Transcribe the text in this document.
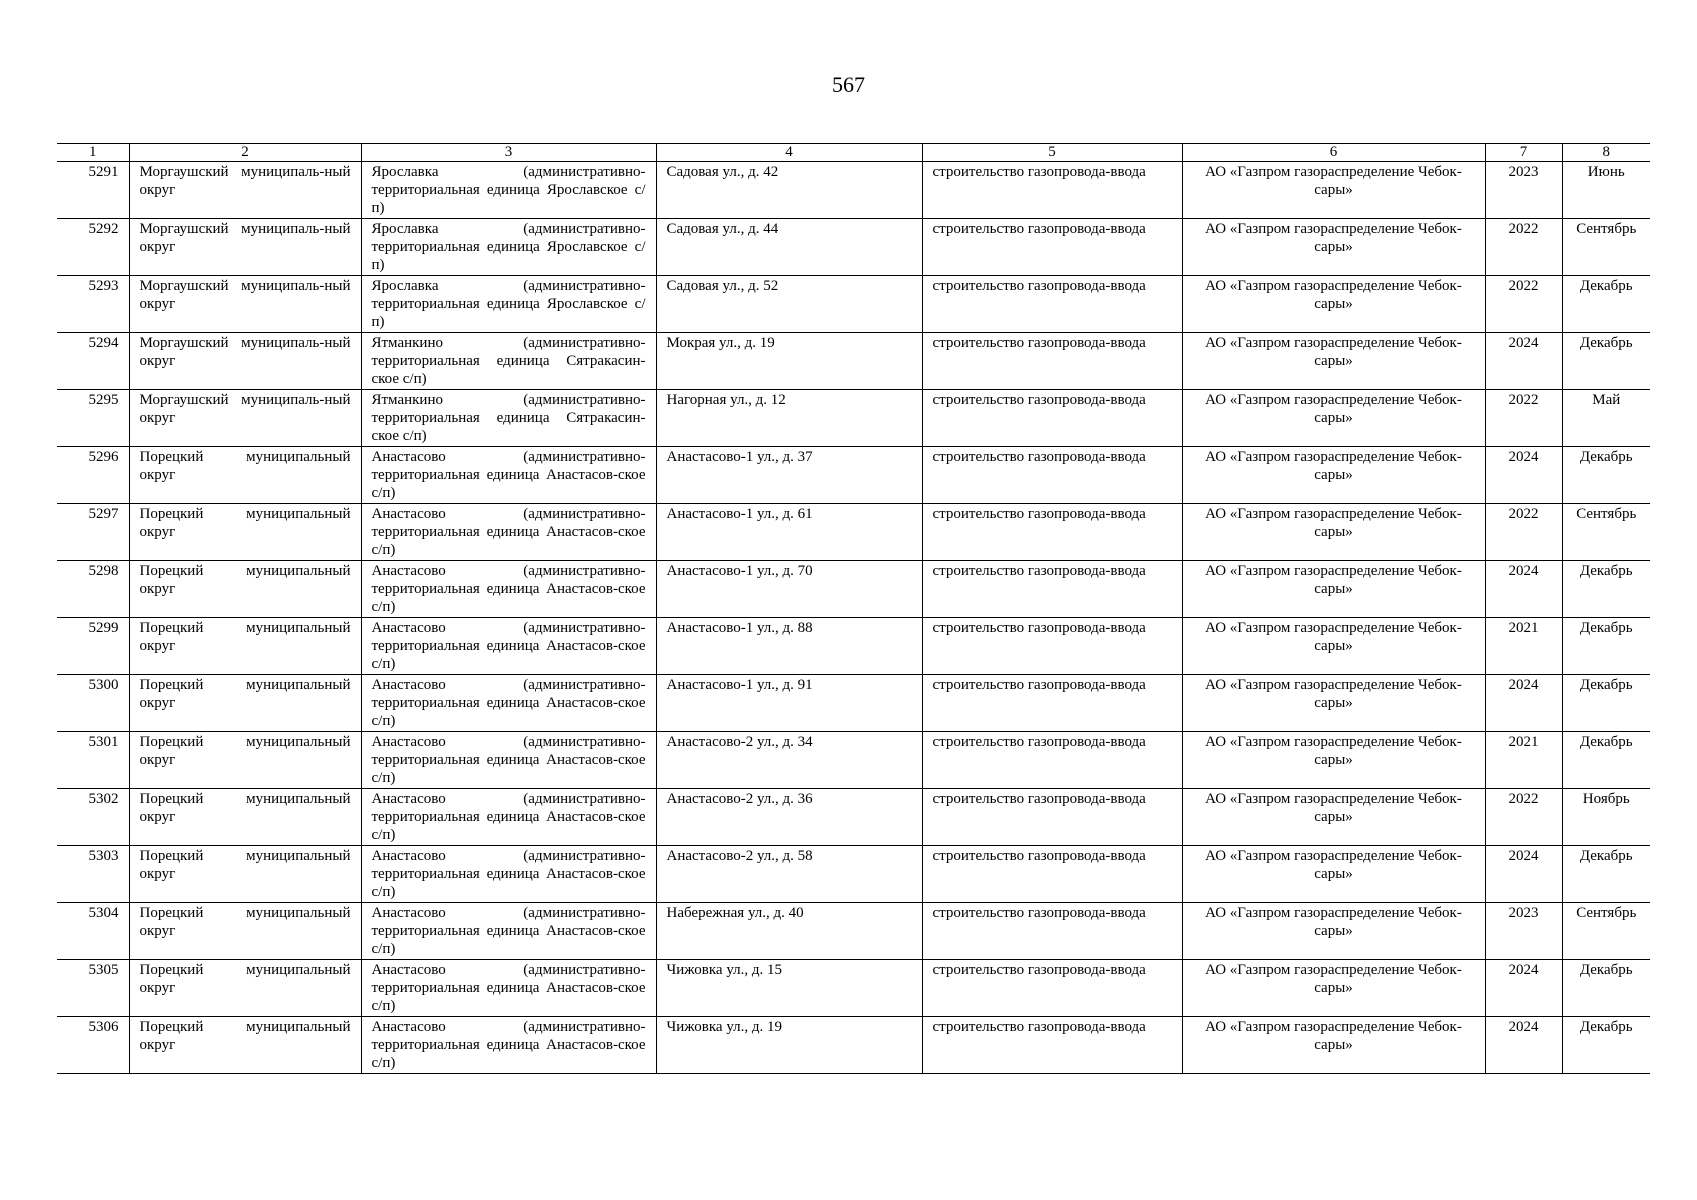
567
1	2	3	4	5	6	7	8
5291	Моргаушский муниципаль-ный округ	Ярославка (административно-территориальная единица Ярославское с/п)	Садовая ул., д. 42	строительство газопровода-ввода	АО «Газпром газораспределение Чебок-сары»	2023	Июнь
5292	Моргаушский муниципаль-ный округ	Ярославка (административно-территориальная единица Ярославское с/п)	Садовая ул., д. 44	строительство газопровода-ввода	АО «Газпром газораспределение Чебок-сары»	2022	Сентябрь
5293	Моргаушский муниципаль-ный округ	Ярославка (административно-территориальная единица Ярославское с/п)	Садовая ул., д. 52	строительство газопровода-ввода	АО «Газпром газораспределение Чебок-сары»	2022	Декабрь
5294	Моргаушский муниципаль-ный округ	Ятманкино (административно-территориальная единица Сятракасин-ское с/п)	Мокрая ул., д. 19	строительство газопровода-ввода	АО «Газпром газораспределение Чебок-сары»	2024	Декабрь
5295	Моргаушский муниципаль-ный округ	Ятманкино (административно-территориальная единица Сятракасин-ское с/п)	Нагорная ул., д. 12	строительство газопровода-ввода	АО «Газпром газораспределение Чебок-сары»	2022	Май
5296	Порецкий муниципальный округ	Анастасово (административно-территориальная единица Анастасов-ское с/п)	Анастасово-1 ул., д. 37	строительство газопровода-ввода	АО «Газпром газораспределение Чебок-сары»	2024	Декабрь
5297	Порецкий муниципальный округ	Анастасово (административно-территориальная единица Анастасов-ское с/п)	Анастасово-1 ул., д. 61	строительство газопровода-ввода	АО «Газпром газораспределение Чебок-сары»	2022	Сентябрь
5298	Порецкий муниципальный округ	Анастасово (административно-территориальная единица Анастасов-ское с/п)	Анастасово-1 ул., д. 70	строительство газопровода-ввода	АО «Газпром газораспределение Чебок-сары»	2024	Декабрь
5299	Порецкий муниципальный округ	Анастасово (административно-территориальная единица Анастасов-ское с/п)	Анастасово-1 ул., д. 88	строительство газопровода-ввода	АО «Газпром газораспределение Чебок-сары»	2021	Декабрь
5300	Порецкий муниципальный округ	Анастасово (административно-территориальная единица Анастасов-ское с/п)	Анастасово-1 ул., д. 91	строительство газопровода-ввода	АО «Газпром газораспределение Чебок-сары»	2024	Декабрь
5301	Порецкий муниципальный округ	Анастасово (административно-территориальная единица Анастасов-ское с/п)	Анастасово-2 ул., д. 34	строительство газопровода-ввода	АО «Газпром газораспределение Чебок-сары»	2021	Декабрь
5302	Порецкий муниципальный округ	Анастасово (административно-территориальная единица Анастасов-ское с/п)	Анастасово-2 ул., д. 36	строительство газопровода-ввода	АО «Газпром газораспределение Чебок-сары»	2022	Ноябрь
5303	Порецкий муниципальный округ	Анастасово (административно-территориальная единица Анастасов-ское с/п)	Анастасово-2 ул., д. 58	строительство газопровода-ввода	АО «Газпром газораспределение Чебок-сары»	2024	Декабрь
5304	Порецкий муниципальный округ	Анастасово (административно-территориальная единица Анастасов-ское с/п)	Набережная ул., д. 40	строительство газопровода-ввода	АО «Газпром газораспределение Чебок-сары»	2023	Сентябрь
5305	Порецкий муниципальный округ	Анастасово (административно-территориальная единица Анастасов-ское с/п)	Чижовка ул., д. 15	строительство газопровода-ввода	АО «Газпром газораспределение Чебок-сары»	2024	Декабрь
5306	Порецкий муниципальный округ	Анастасово (административно-территориальная единица Анастасов-ское с/п)	Чижовка ул., д. 19	строительство газопровода-ввода	АО «Газпром газораспределение Чебок-сары»	2024	Декабрь
